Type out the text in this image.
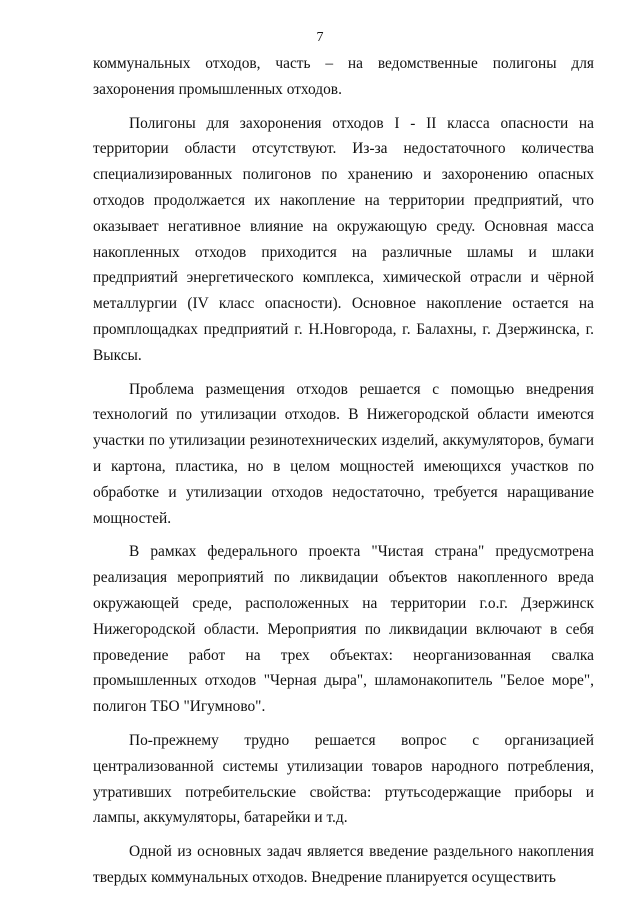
7

коммунальных отходов, часть – на ведомственные полигоны для захоронения промышленных отходов.

Полигоны для захоронения отходов I - II класса опасности на территории области отсутствуют. Из-за недостаточного количества специализированных полигонов по хранению и захоронению опасных отходов продолжается их накопление на территории предприятий, что оказывает негативное влияние на окружающую среду. Основная масса накопленных отходов приходится на различные шламы и шлаки предприятий энергетического комплекса, химической отрасли и чёрной металлургии (IV класс опасности). Основное накопление остается на промплощадках предприятий г. Н.Новгорода, г. Балахны, г. Дзержинска, г. Выксы.

Проблема размещения отходов решается с помощью внедрения технологий по утилизации отходов. В Нижегородской области имеются участки по утилизации резинотехнических изделий, аккумуляторов, бумаги и картона, пластика, но в целом мощностей имеющихся участков по обработке и утилизации отходов недостаточно, требуется наращивание мощностей.

В рамках федерального проекта "Чистая страна" предусмотрена реализация мероприятий по ликвидации объектов накопленного вреда окружающей среде, расположенных на территории г.о.г. Дзержинск Нижегородской области. Мероприятия по ликвидации включают в себя проведение работ на трех объектах: неорганизованная свалка промышленных отходов "Черная дыра", шламонакопитель "Белое море", полигон ТБО "Игумново".

По-прежнему трудно решается вопрос с организацией централизованной системы утилизации товаров народного потребления, утративших потребительские свойства: ртутьсодержащие приборы и лампы, аккумуляторы, батарейки и т.д.

Одной из основных задач является введение раздельного накопления твердых коммунальных отходов. Внедрение планируется осуществить
